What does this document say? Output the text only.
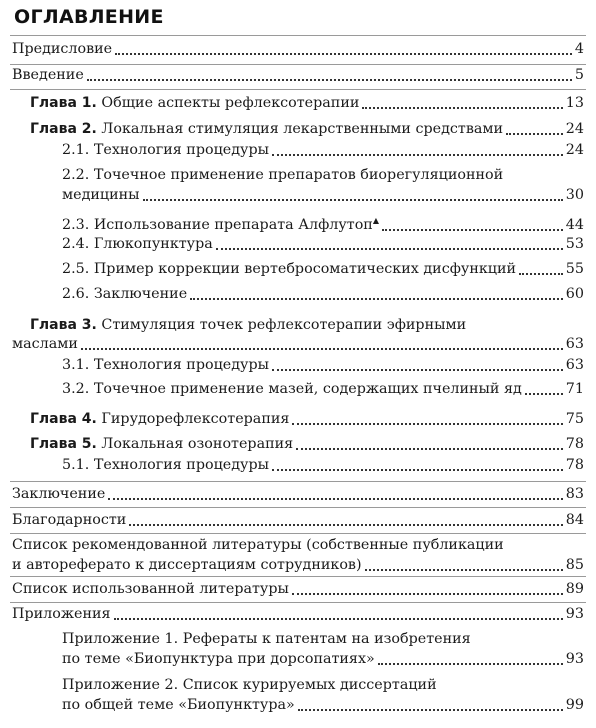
ОГЛАВЛЕНИЕ
Предисловие	4
Введение	5
Глава 1. Общие аспекты рефлексотерапии	13
Глава 2. Локальная стимуляция лекарственными средствами	24
2.1. Технология процедуры	24
2.2. Точечное применение препаратов биорегуляционной
медицины	30
2.3. Использование препарата Алфлутоп▲	44
2.4. Глюкопунктура	53
2.5. Пример коррекции вертебросоматических дисфункций	55
2.6. Заключение	60
Глава 3. Стимуляция точек рефлексотерапии эфирными
маслами	63
3.1. Технология процедуры	63
3.2. Точечное применение мазей, содержащих пчелиный яд	71
Глава 4. Гирудорефлексотерапия	75
Глава 5. Локальная озонотерапия	78
5.1. Технология процедуры	78
Заключение	83
Благодарности	84
Список рекомендованной литературы (собственные публикации
и автореферато к диссертациям сотрудников)	85
Список использованной литературы	89
Приложения	93
Приложение 1. Рефераты к патентам на изобретения
по теме «Биопунктура при дорсопатиях»	93
Приложение 2. Список курируемых диссертаций
по общей теме «Биопунктура»	99
